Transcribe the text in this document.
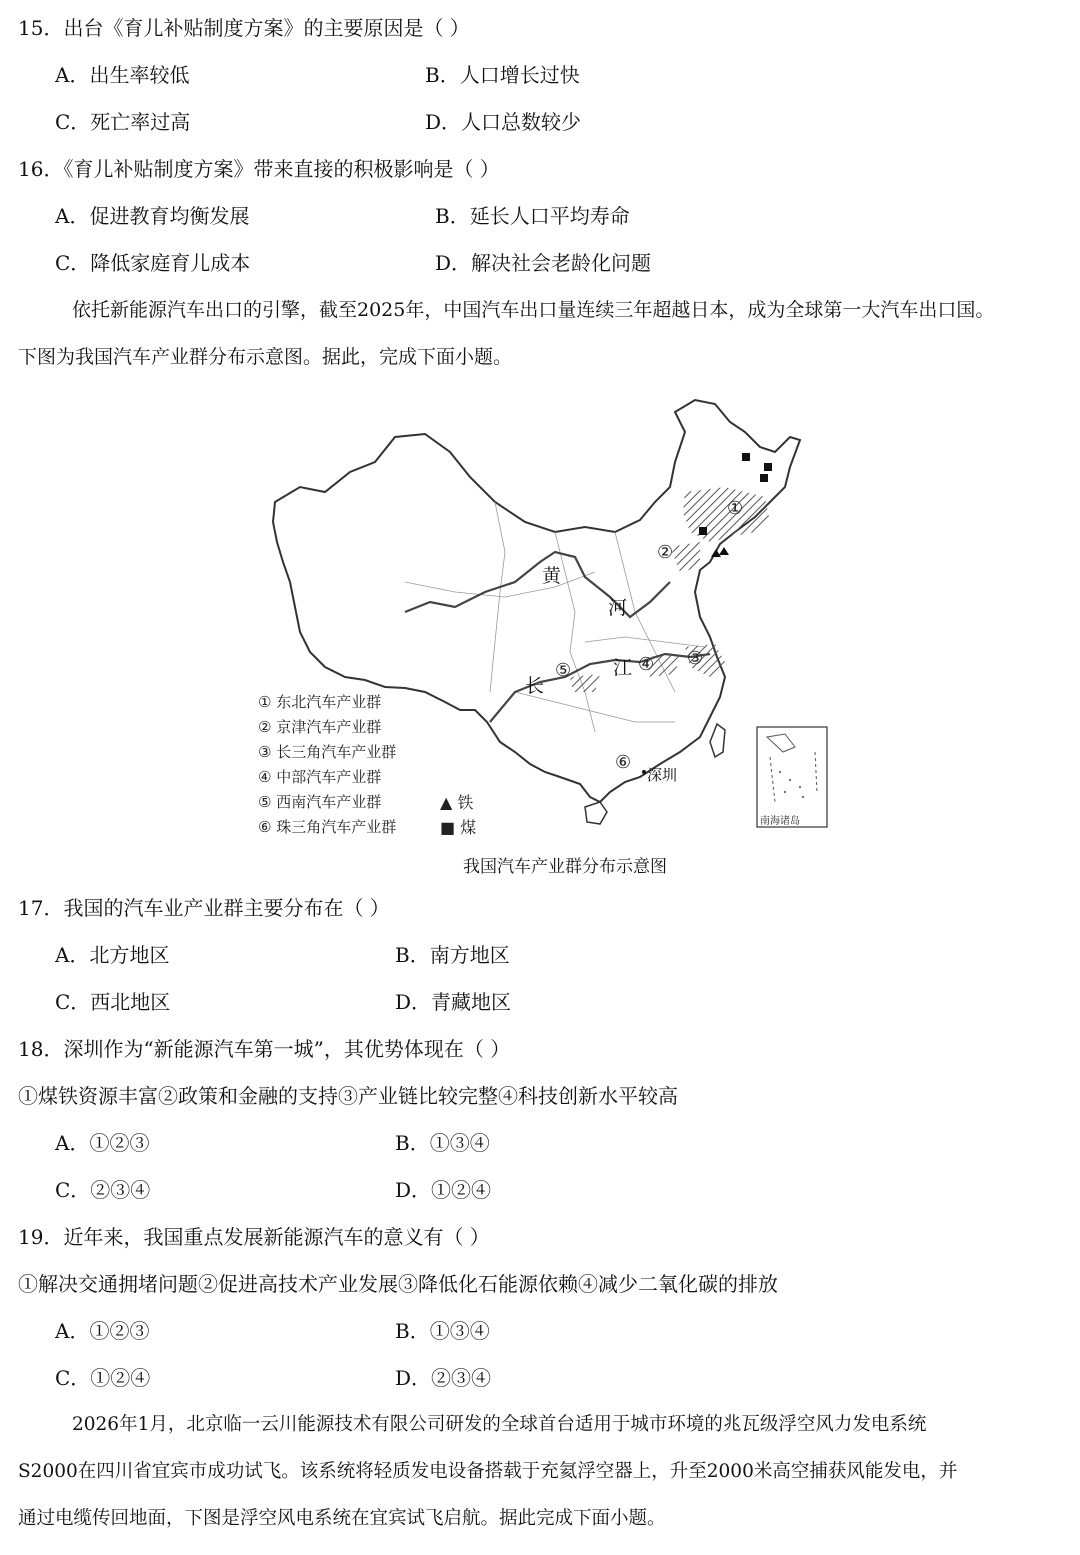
15．出台《育儿补贴制度方案》的主要原因是（ ）
A．出生率较低	B．人口增长过快
C．死亡率过高	D．人口总数较少
16．《育儿补贴制度方案》带来直接的积极影响是（ ）
A．促进教育均衡发展	B．延长人口平均寿命
C．降低家庭育儿成本	D．解决社会老龄化问题
依托新能源汽车出口的引擎，截至2025年，中国汽车出口量连续三年超越日本，成为全球第一大汽车出口国。
下图为我国汽车产业群分布示意图。据此，完成下面小题。
①
②
③
④
⑤
⑥
黄
河
长
江
深圳
南海诸岛
① 东北汽车产业群
② 京津汽车产业群
③ 长三角汽车产业群
④ 中部汽车产业群
⑤ 西南汽车产业群
⑥ 珠三角汽车产业群
▲ 铁
■ 煤
我国汽车产业群分布示意图
17．我国的汽车业产业群主要分布在（ ）
A．北方地区	B．南方地区
C．西北地区	D．青藏地区
18．深圳作为“新能源汽车第一城”，其优势体现在（ ）
①煤铁资源丰富②政策和金融的支持③产业链比较完整④科技创新水平较高
A．①②③	B．①③④
C．②③④	D．①②④
19．近年来，我国重点发展新能源汽车的意义有（ ）
①解决交通拥堵问题②促进高技术产业发展③降低化石能源依赖④减少二氧化碳的排放
A．①②③	B．①③④
C．①②④	D．②③④
2026年1月，北京临一云川能源技术有限公司研发的全球首台适用于城市环境的兆瓦级浮空风力发电系统
S2000在四川省宜宾市成功试飞。该系统将轻质发电设备搭载于充氦浮空器上，升至2000米高空捕获风能发电，并
通过电缆传回地面，下图是浮空风电系统在宜宾试飞启航。据此完成下面小题。
